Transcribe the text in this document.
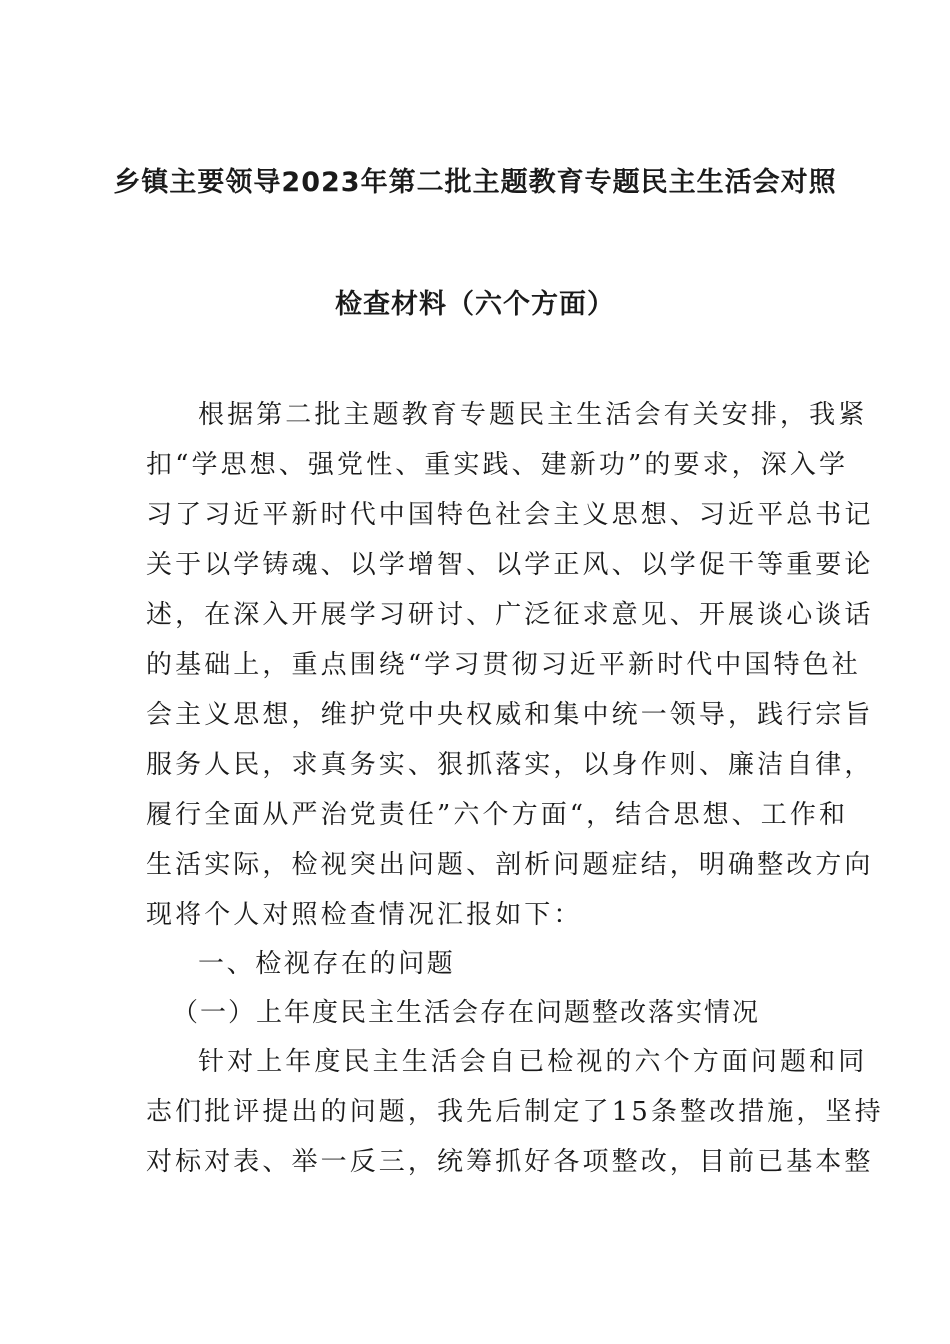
乡镇主要领导2023年第二批主题教育专题民主生活会对照
检查材料（六个方面）
根据第二批主题教育专题民主生活会有关安排，我紧
扣“学思想、强党性、重实践、建新功”的要求，深入学
习了习近平新时代中国特色社会主义思想、习近平总书记
关于以学铸魂、以学增智、以学正风、以学促干等重要论
述，在深入开展学习研讨、广泛征求意见、开展谈心谈话
的基础上，重点围绕“学习贯彻习近平新时代中国特色社
会主义思想，维护党中央权威和集中统一领导，践行宗旨
服务人民，求真务实、狠抓落实，以身作则、廉洁自律，
履行全面从严治党责任”六个方面“，结合思想、工作和
生活实际，检视突出问题、剖析问题症结，明确整改方向
现将个人对照检查情况汇报如下：
一、检视存在的问题
（一）上年度民主生活会存在问题整改落实情况
针对上年度民主生活会自已检视的六个方面问题和同
志们批评提出的问题，我先后制定了15条整改措施，坚持
对标对表、举一反三，统筹抓好各项整改，目前已基本整
